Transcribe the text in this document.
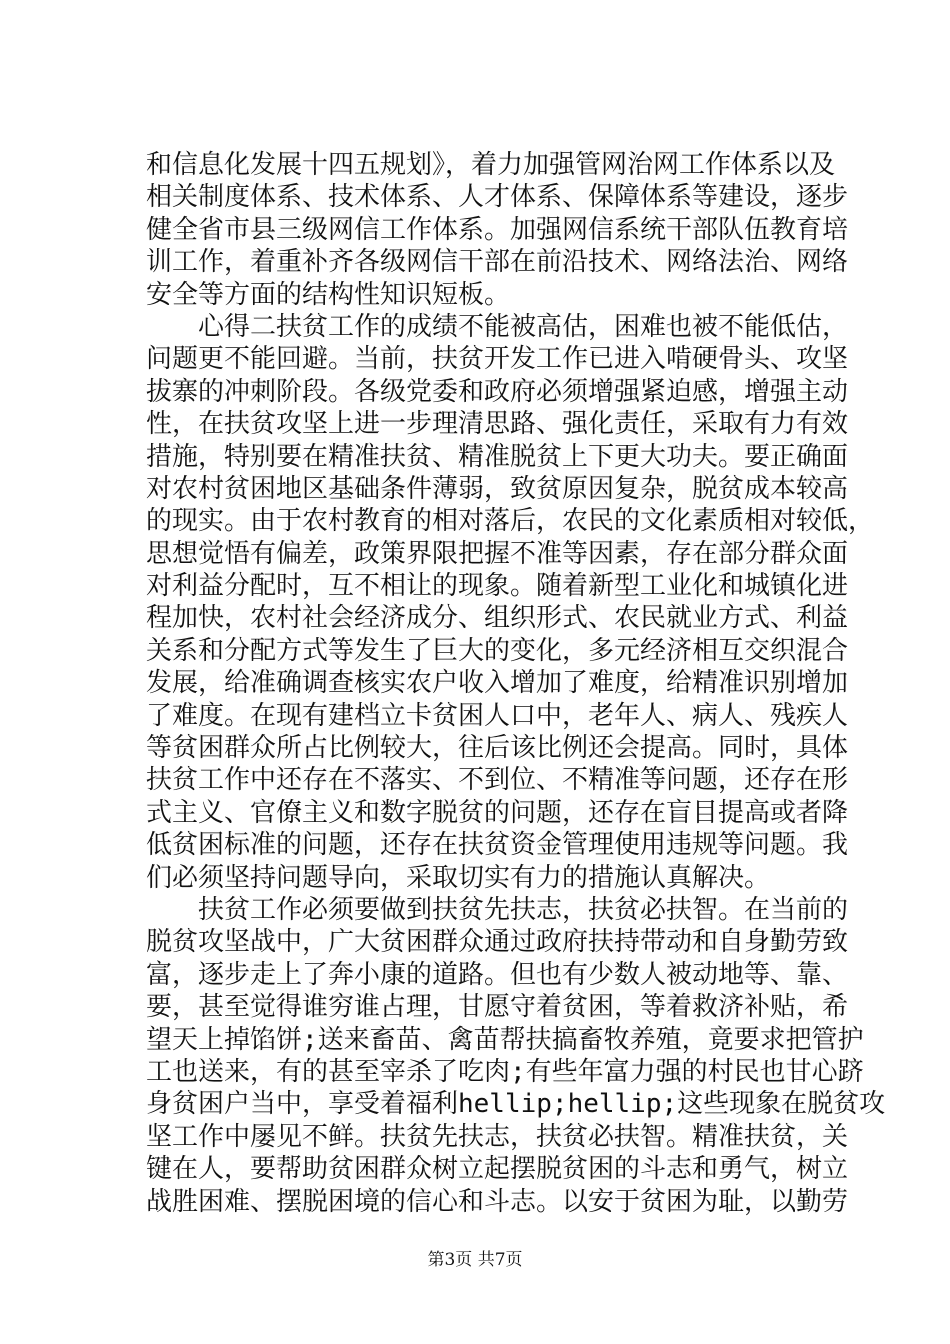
和信息化发展十四五规划》，着力加强管网治网工作体系以及
相关制度体系、技术体系、人才体系、保障体系等建设，逐步
健全省市县三级网信工作体系。加强网信系统干部队伍教育培
训工作，着重补齐各级网信干部在前沿技术、网络法治、网络
安全等方面的结构性知识短板。
　　心得二扶贫工作的成绩不能被高估，困难也被不能低估，
问题更不能回避。当前，扶贫开发工作已进入啃硬骨头、攻坚
拔寨的冲刺阶段。各级党委和政府必须增强紧迫感，增强主动
性，在扶贫攻坚上进一步理清思路、强化责任，采取有力有效
措施，特别要在精准扶贫、精准脱贫上下更大功夫。要正确面
对农村贫困地区基础条件薄弱，致贫原因复杂，脱贫成本较高
的现实。由于农村教育的相对落后，农民的文化素质相对较低，
思想觉悟有偏差，政策界限把握不准等因素，存在部分群众面
对利益分配时，互不相让的现象。随着新型工业化和城镇化进
程加快，农村社会经济成分、组织形式、农民就业方式、利益
关系和分配方式等发生了巨大的变化，多元经济相互交织混合
发展，给准确调查核实农户收入增加了难度，给精准识别增加
了难度。在现有建档立卡贫困人口中，老年人、病人、残疾人
等贫困群众所占比例较大，往后该比例还会提高。同时，具体
扶贫工作中还存在不落实、不到位、不精准等问题，还存在形
式主义、官僚主义和数字脱贫的问题，还存在盲目提高或者降
低贫困标准的问题，还存在扶贫资金管理使用违规等问题。我
们必须坚持问题导向，采取切实有力的措施认真解决。
　　扶贫工作必须要做到扶贫先扶志，扶贫必扶智。在当前的
脱贫攻坚战中，广大贫困群众通过政府扶持带动和自身勤劳致
富，逐步走上了奔小康的道路。但也有少数人被动地等、靠、
要，甚至觉得谁穷谁占理，甘愿守着贫困，等着救济补贴，希
望天上掉馅饼;送来畜苗、禽苗帮扶搞畜牧养殖，竟要求把管护
工也送来，有的甚至宰杀了吃肉;有些年富力强的村民也甘心跻
身贫困户当中，享受着福利hellip;hellip;这些现象在脱贫攻
坚工作中屡见不鲜。扶贫先扶志，扶贫必扶智。精准扶贫，关
键在人，要帮助贫困群众树立起摆脱贫困的斗志和勇气，树立
战胜困难、摆脱困境的信心和斗志。以安于贫困为耻，以勤劳
第3页 共7页
